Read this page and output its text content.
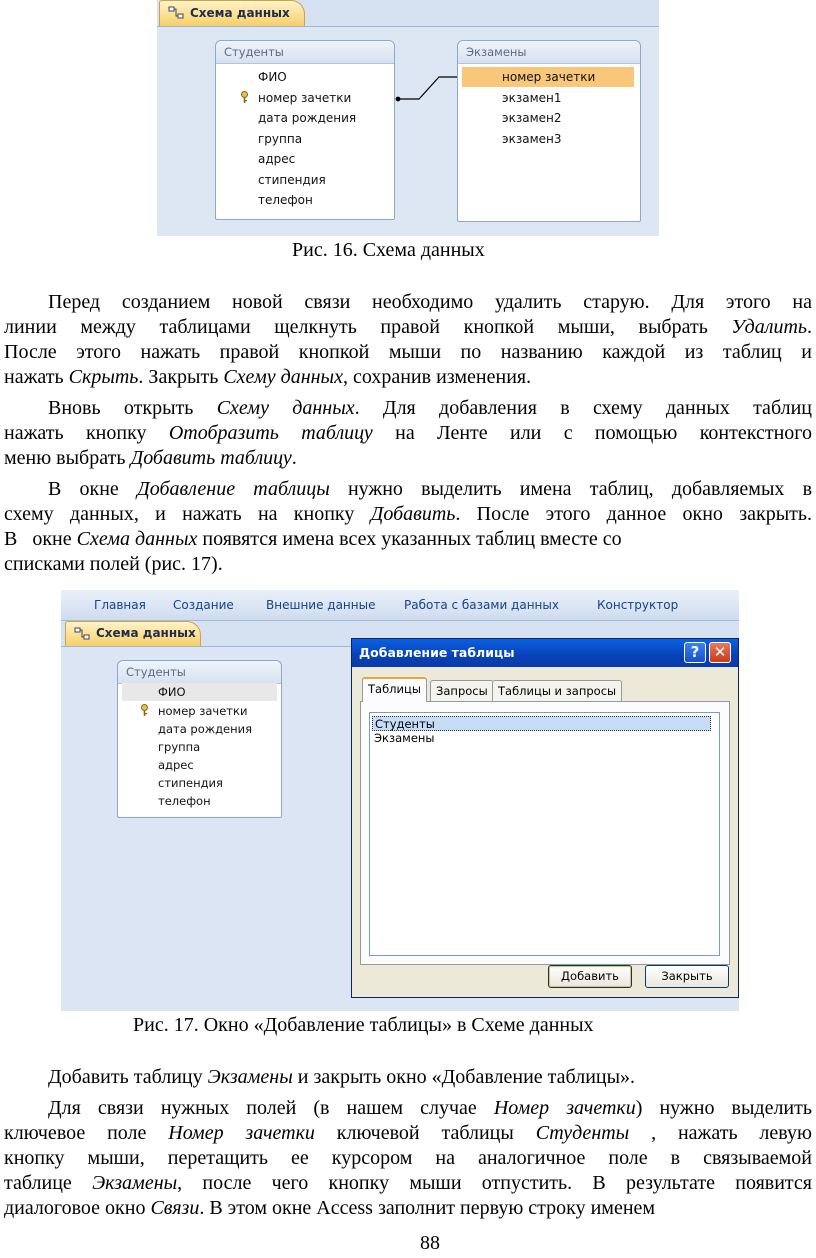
Схема данных
Студенты
ФИО
номер зачетки
дата рождения
группа
адрес
стипендия
телефон
Экзамены
номер зачетки
экзамен1
экзамен2
экзамен3
Рис. 16. Схема данных
Перед созданием новой связи необходимо удалить старую. Для этого на
линии между таблицами щелкнуть правой кнопкой мыши, выбрать Удалить.
После этого нажать правой кнопкой мыши по названию каждой из таблиц и
нажать Скрыть. Закрыть Схему данных, сохранив изменения.
Вновь открыть Схему данных. Для добавления в схему данных таблиц
нажать кнопку Отобразить таблицу на Ленте или с помощью контекстного
меню выбрать Добавить таблицу.
В окне Добавление таблицы нужно выделить имена таблиц, добавляемых в
схему данных, и нажать на кнопку Добавить. После этого данное окно закрыть.
В   окне Схема данных появятся имена всех указанных таблиц вместе со
списками полей (рис. 17).
Главная Создание	Внешние данные Работа с базами данных	Конструктор
Схема данных
Студенты
ФИО
номер зачетки
дата рождения
группа
адрес
стипендия
телефон
Добавление таблицы	? ✕
Таблицы	Запросы Таблицы и запросы
Студенты
Экзамены
Добавить	Закрыть
Рис. 17. Окно «Добавление таблицы» в Схеме данных
Добавить таблицу Экзамены и закрыть окно «Добавление таблицы».
Для связи нужных полей (в нашем случае Номер зачетки) нужно выделить
ключевое поле Номер зачетки ключевой таблицы Студенты , нажать левую
кнопку мыши, перетащить ее курсором на аналогичное поле в связываемой
таблице Экзамены, после чего кнопку мыши отпустить. В результате появится
диалоговое окно Связи. В этом окне Access заполнит первую строку именем
88
